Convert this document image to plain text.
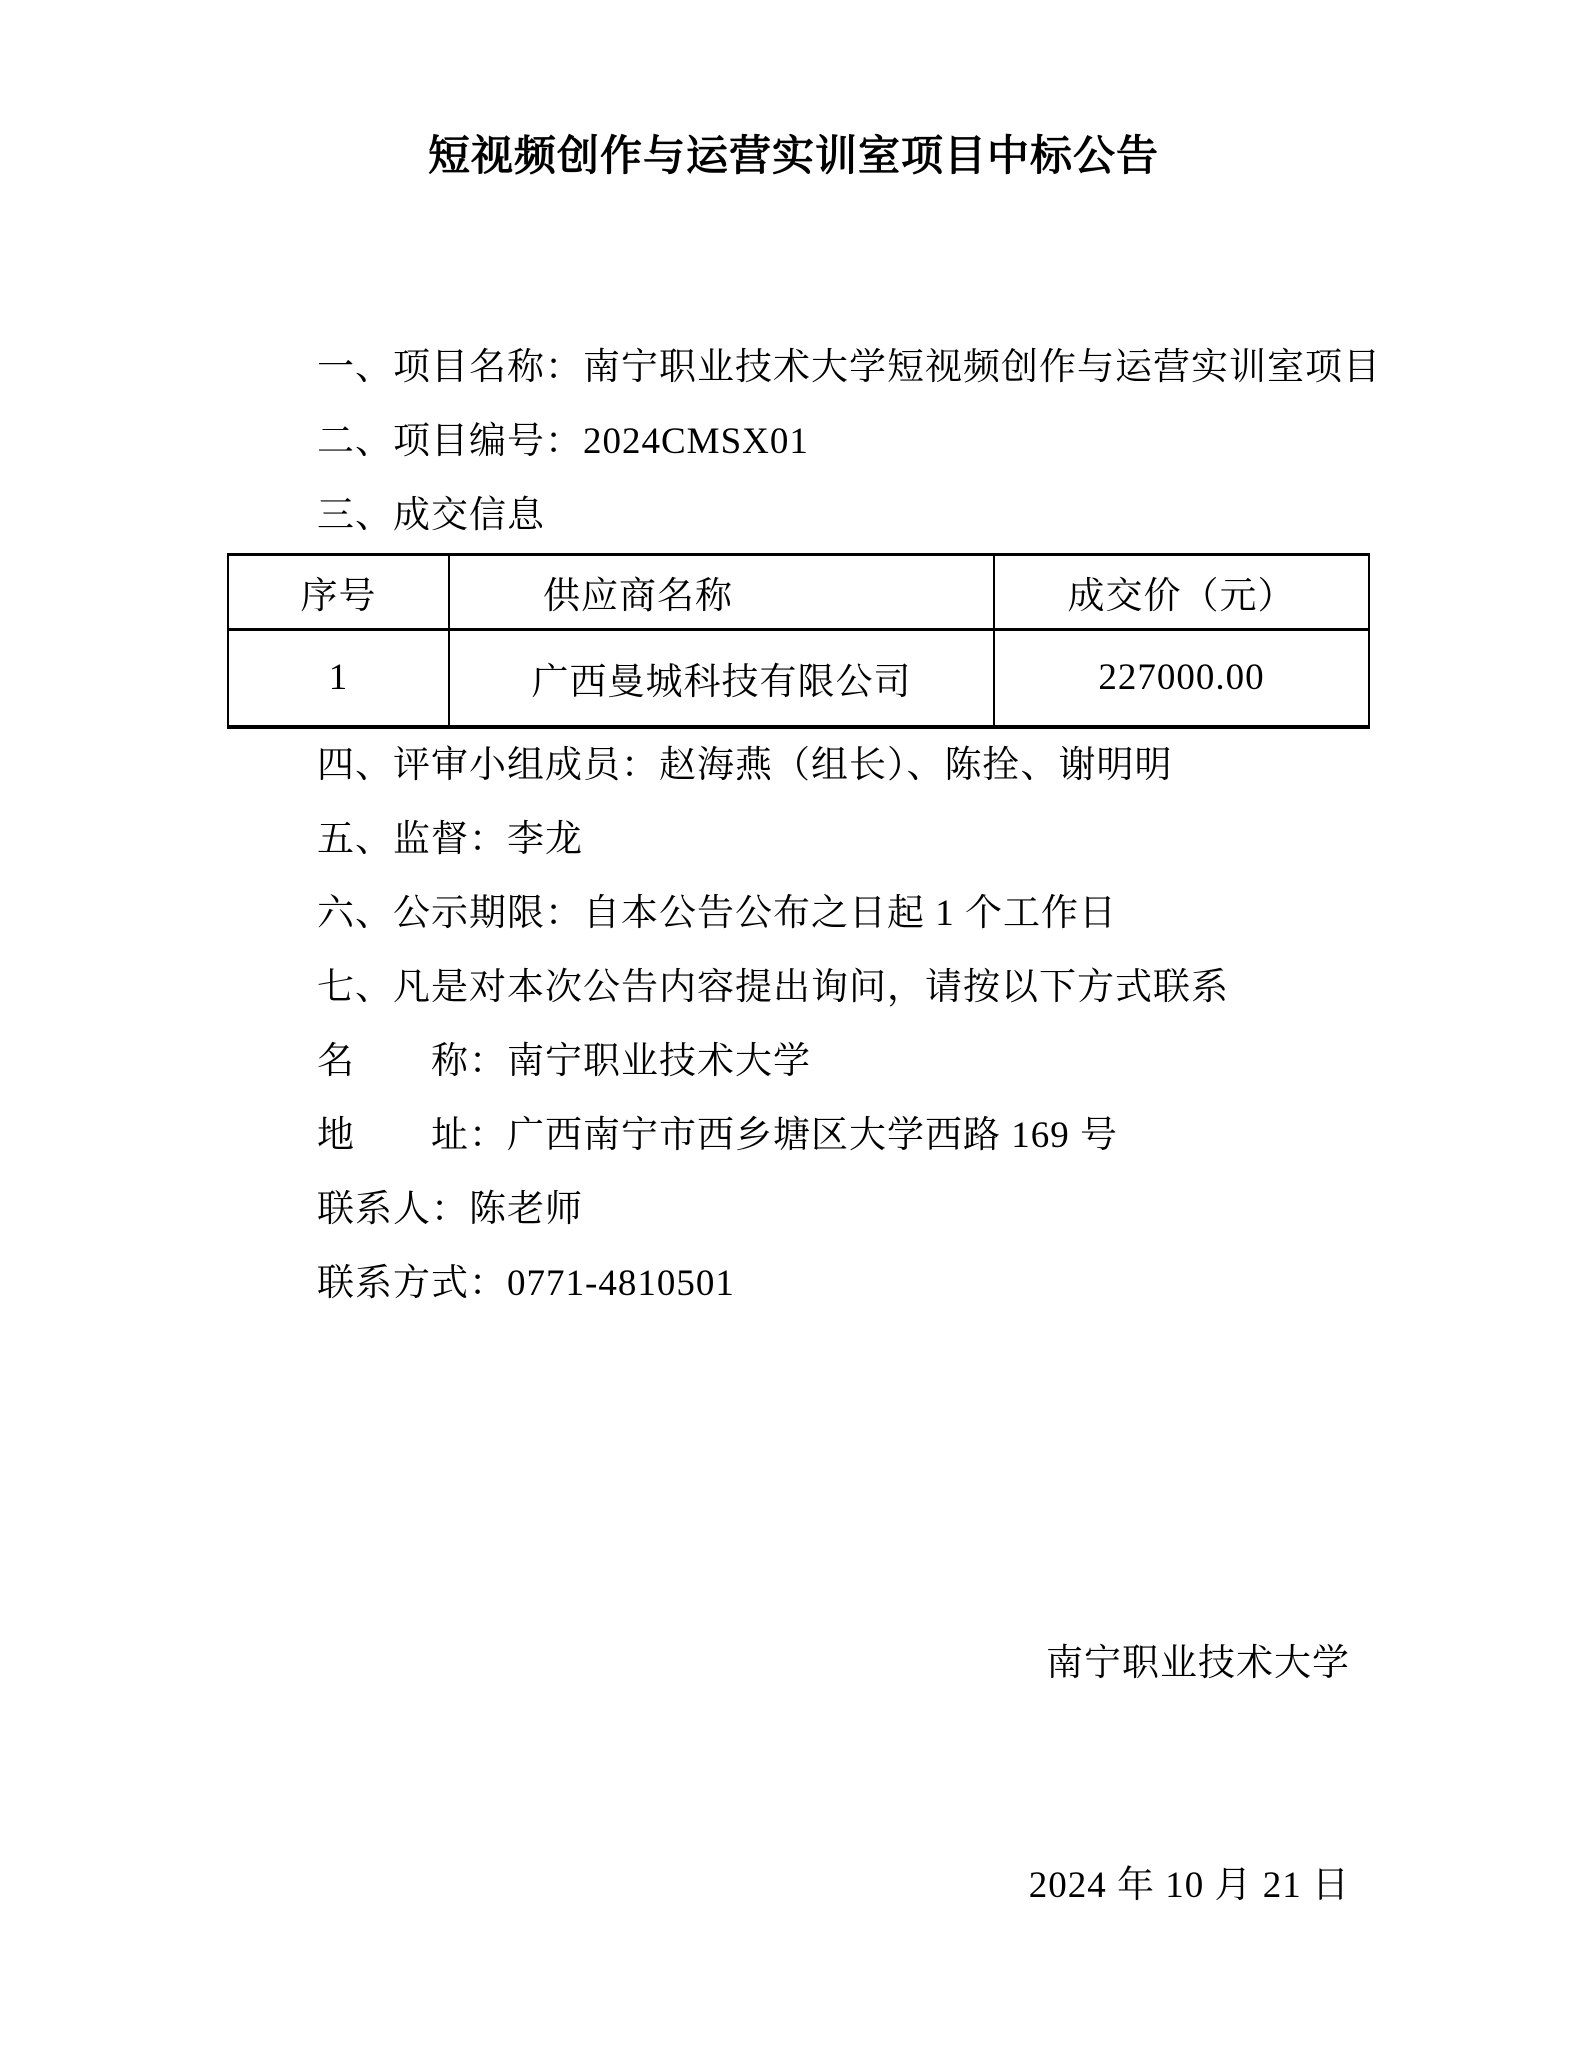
短视频创作与运营实训室项目中标公告

一、项目名称：南宁职业技术大学短视频创作与运营实训室项目

二、项目编号：2024CMSX01

三、成交信息

序号	供应商名称	成交价（元）
1	广西曼城科技有限公司	227000.00

四、评审小组成员：赵海燕（组长）、陈拴、谢明明

五、监督：李龙

六、公示期限：自本公告公布之日起 1 个工作日

七、凡是对本次公告内容提出询问，请按以下方式联系

名　　称：南宁职业技术大学

地　　址：广西南宁市西乡塘区大学西路 169 号

联系人：陈老师

联系方式：0771-4810501

南宁职业技术大学

2024 年 10 月 21 日
